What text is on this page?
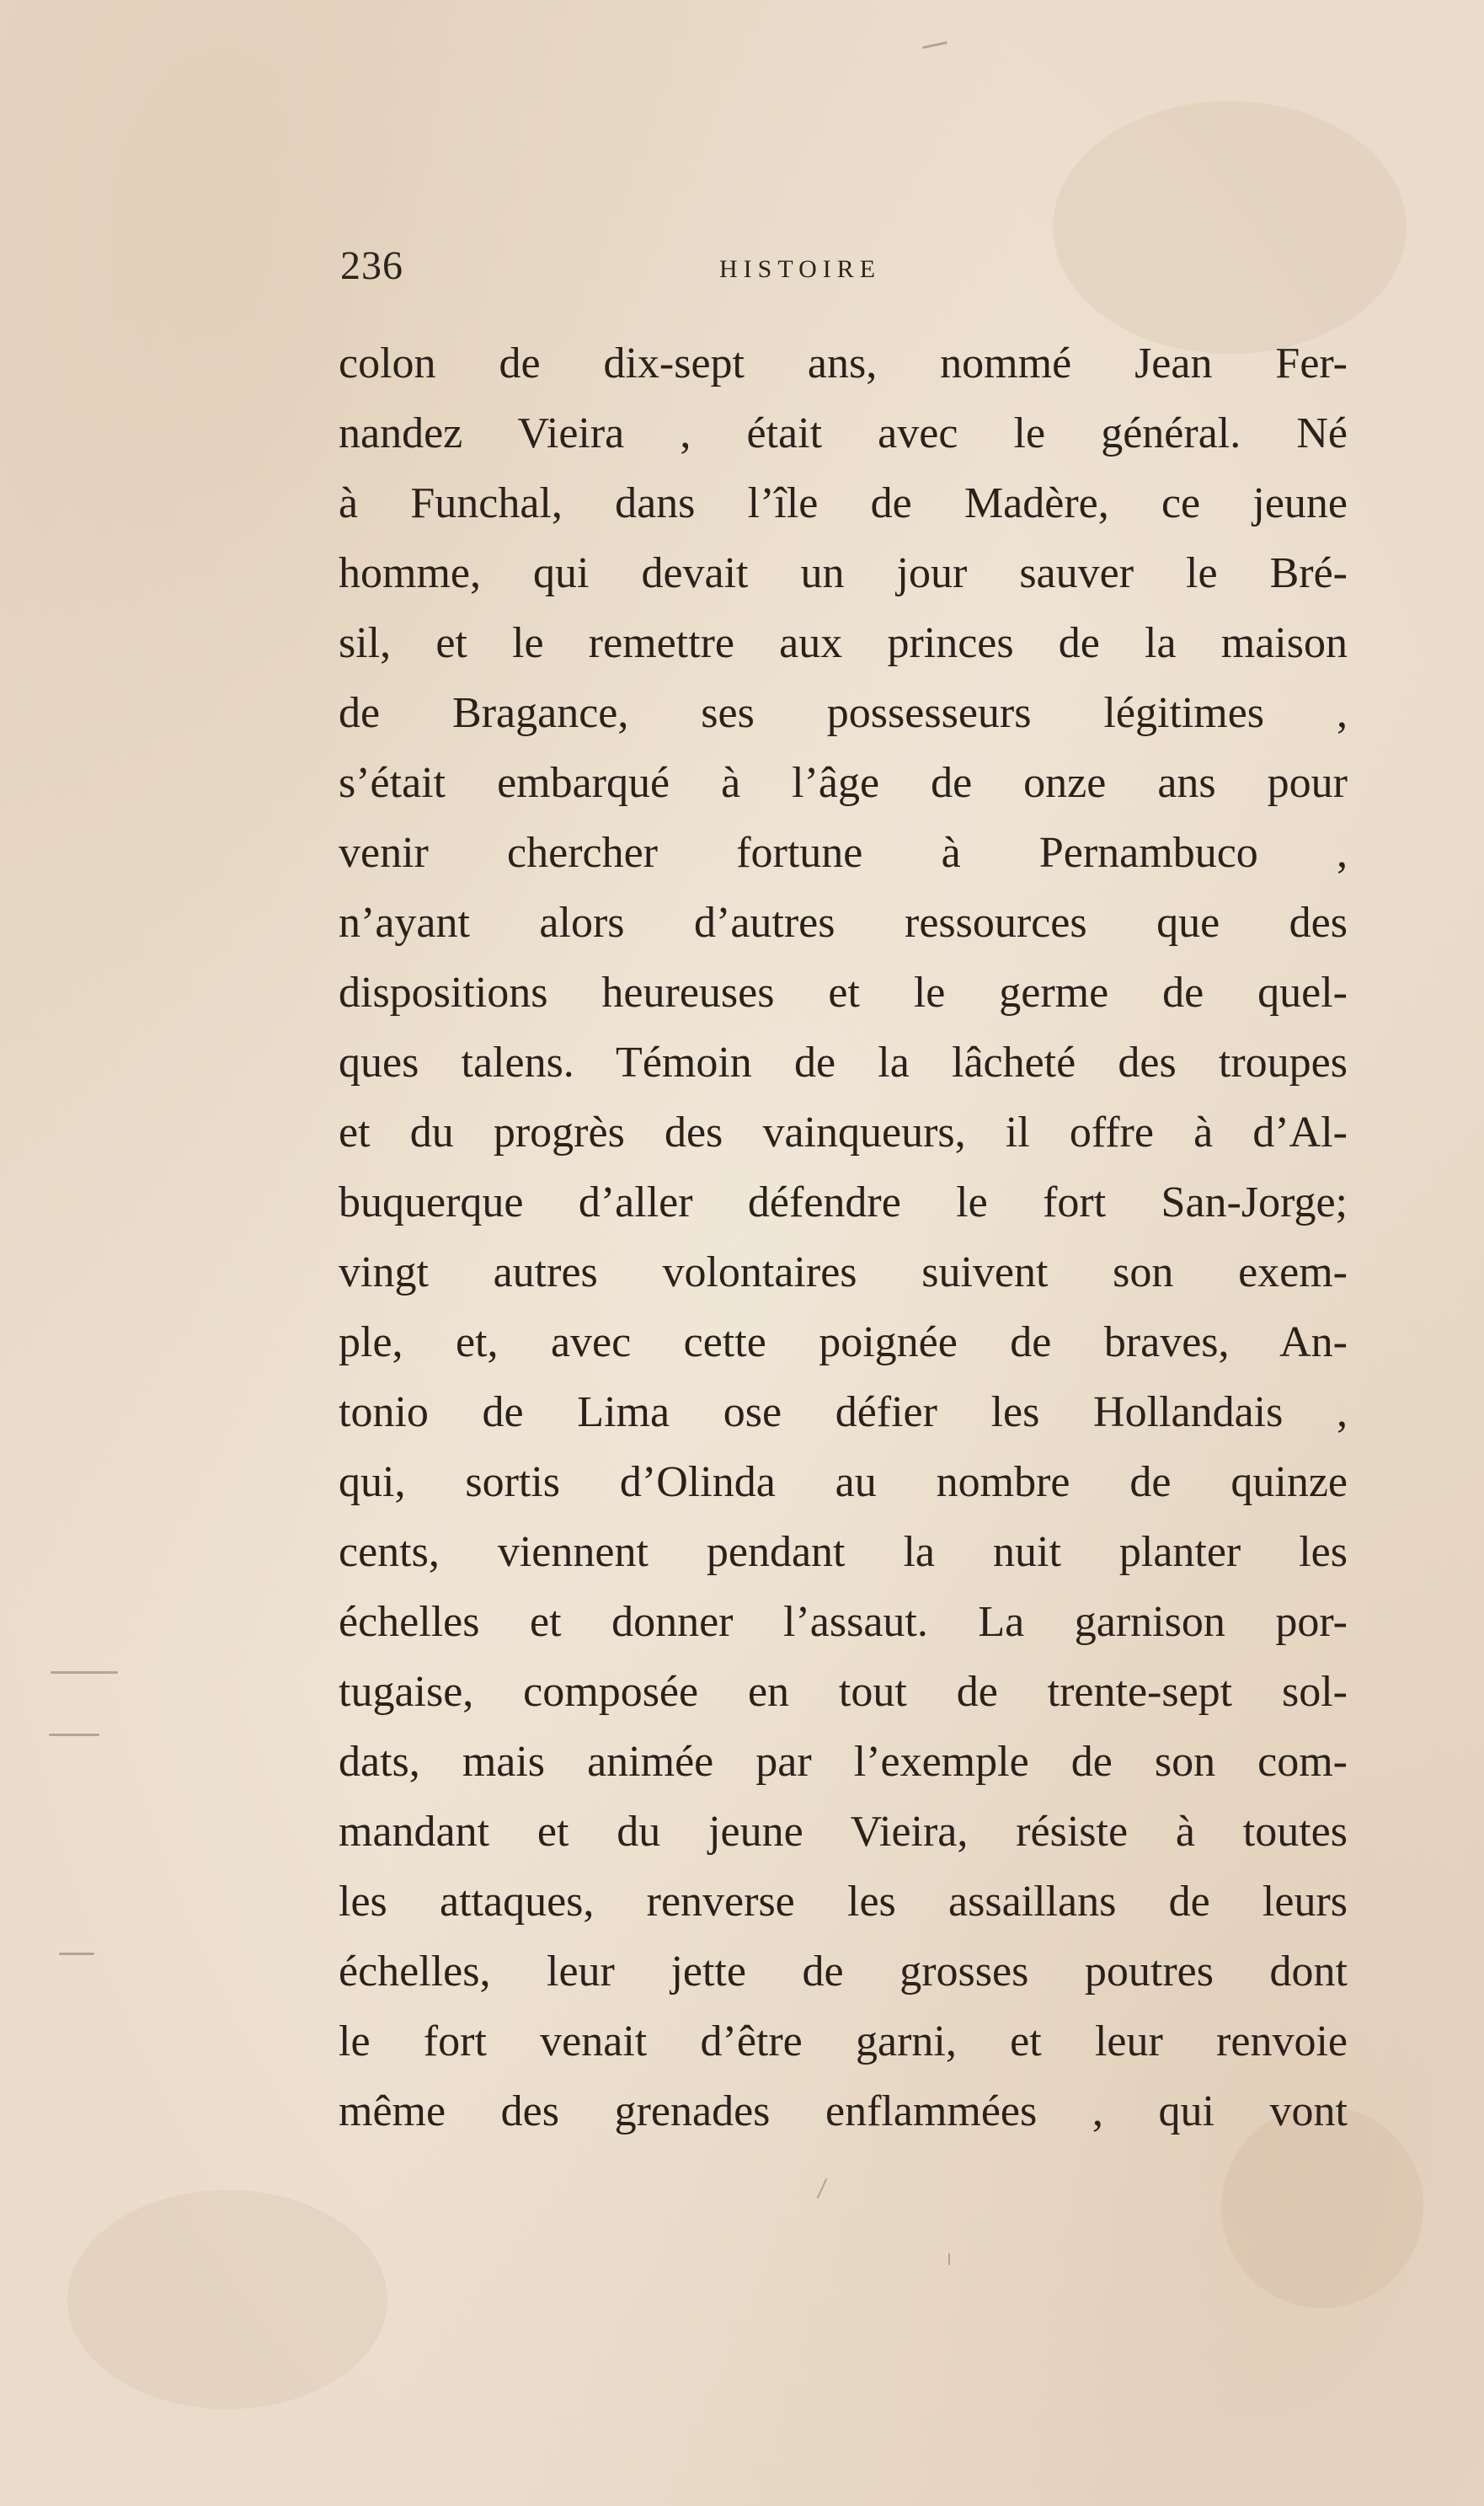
236	HISTOIRE
colon de dix-sept ans, nommé Jean Fer-
nandez Vieira , était avec le général. Né
à Funchal, dans l’île de Madère, ce jeune
homme, qui devait un jour sauver le Bré-
sil, et le remettre aux princes de la maison
de Bragance, ses possesseurs légitimes ,
s’était embarqué à l’âge de onze ans pour
venir chercher fortune à Pernambuco ,
n’ayant alors d’autres ressources que des
dispositions heureuses et le germe de quel-
ques talens. Témoin de la lâcheté des troupes
et du progrès des vainqueurs, il offre à d’Al-
buquerque d’aller défendre le fort San-Jorge;
vingt autres volontaires suivent son exem-
ple, et, avec cette poignée de braves, An-
tonio de Lima ose défier les Hollandais ,
qui, sortis d’Olinda au nombre de quinze
cents, viennent pendant la nuit planter les
échelles et donner l’assaut. La garnison por-
tugaise, composée en tout de trente-sept sol-
dats, mais animée par l’exemple de son com-
mandant et du jeune Vieira, résiste à toutes
les attaques, renverse les assaillans de leurs
échelles, leur jette de grosses poutres dont
le fort venait d’être garni, et leur renvoie
même des grenades enflammées , qui vont
